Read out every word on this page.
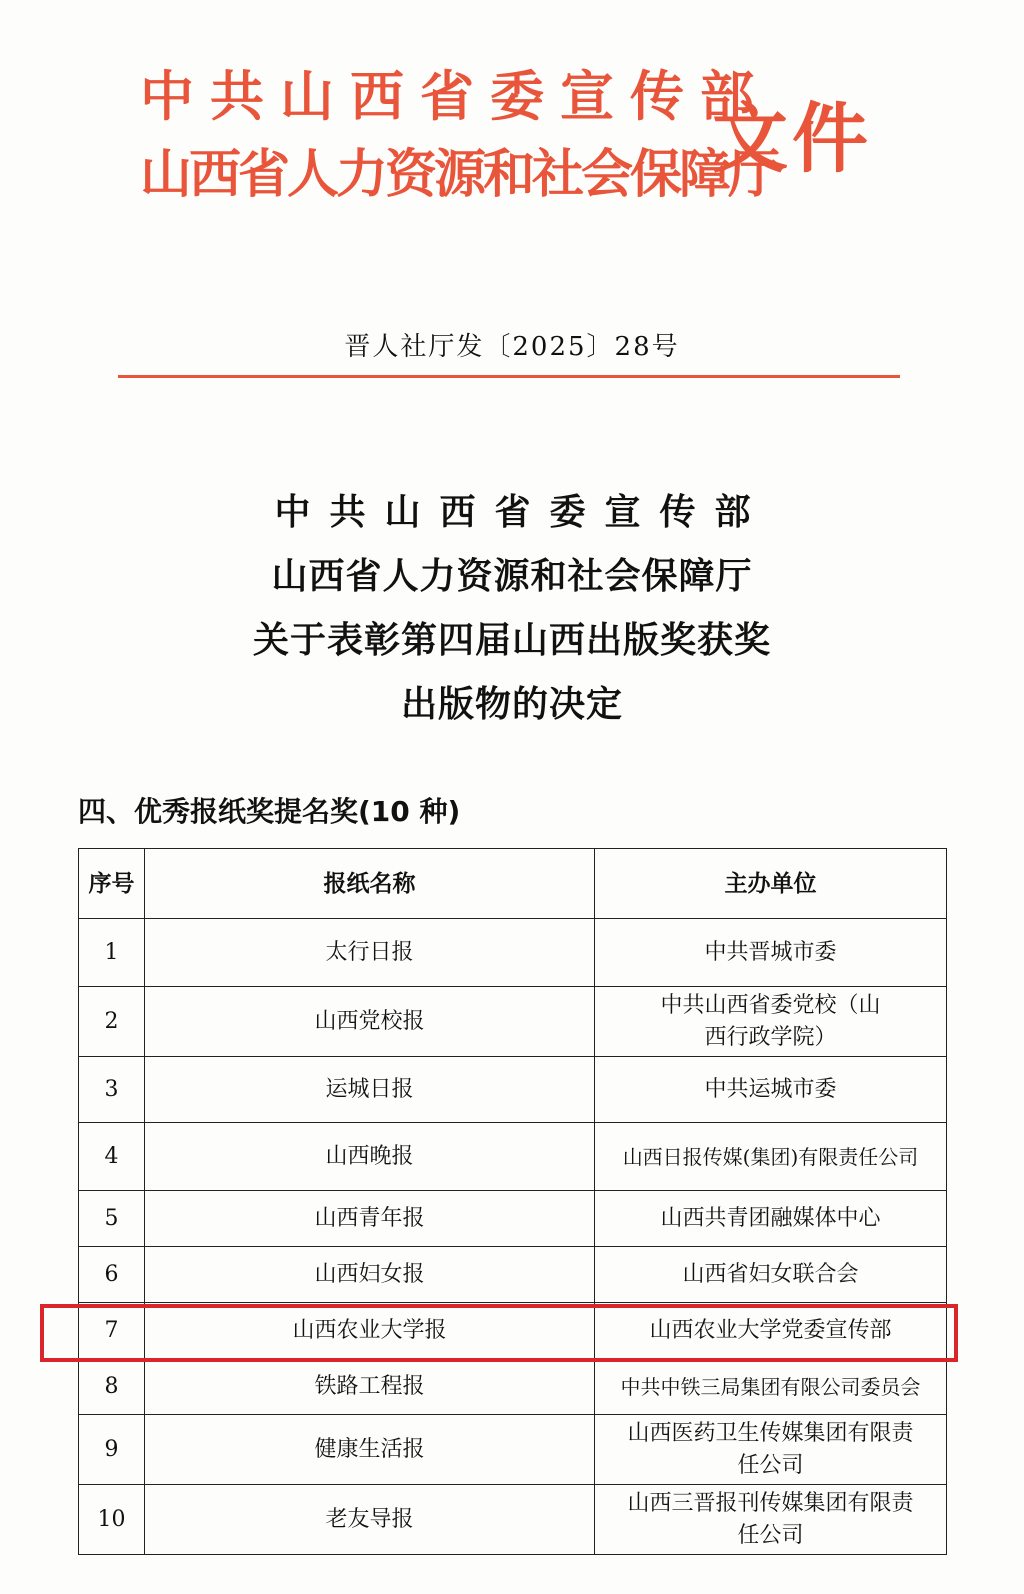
中共山西省委宣传部
山西省人力资源和社会保障厅
文件
晋人社厅发〔2025〕28号
中共山西省委宣传部
山西省人力资源和社会保障厅
关于表彰第四届山西出版奖获奖
出版物的决定
四、优秀报纸奖提名奖(10 种)
序号	报纸名称	主办单位
1	太行日报	中共晋城市委
2	山西党校报	中共山西省委党校（山西行政学院）
3	运城日报	中共运城市委
4	山西晚报	山西日报传媒(集团)有限责任公司
5	山西青年报	山西共青团融媒体中心
6	山西妇女报	山西省妇女联合会
7	山西农业大学报	山西农业大学党委宣传部
8	铁路工程报	中共中铁三局集团有限公司委员会
9	健康生活报	山西医药卫生传媒集团有限责任公司
10	老友导报	山西三晋报刊传媒集团有限责任公司
